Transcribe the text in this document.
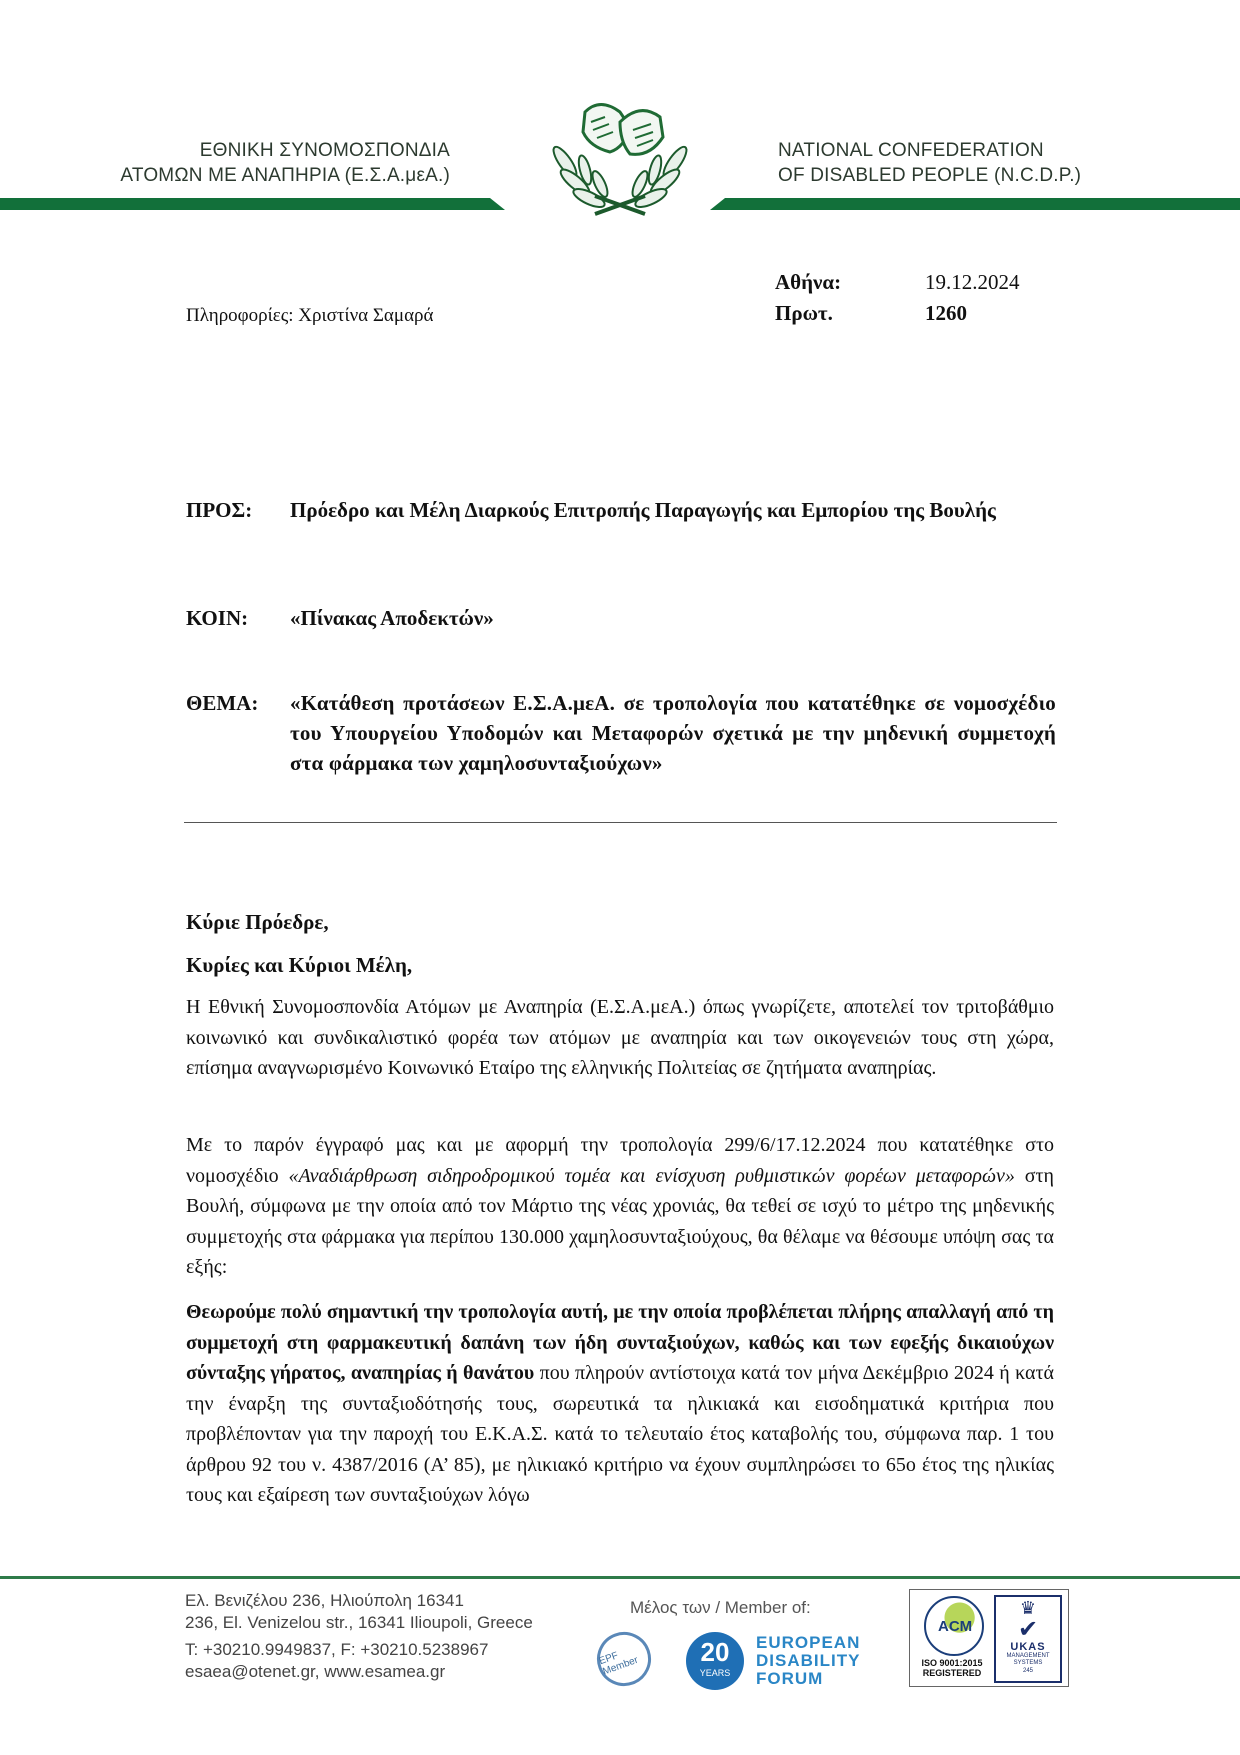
ΕΘΝΙΚΗ ΣΥΝΟΜΟΣΠΟΝΔΙΑ
ΑΤΟΜΩΝ ΜΕ ΑΝΑΠΗΡΙΑ (Ε.Σ.Α.μεΑ.)
NATIONAL CONFEDERATION
OF DISABLED PEOPLE (N.C.D.P.)
Πληροφορίες: Χριστίνα Σαμαρά
Αθήνα:	19.12.2024
Πρωτ.	1260
ΠΡΟΣ:	Πρόεδρο και Μέλη Διαρκούς Επιτροπής Παραγωγής και Εμπορίου της Βουλής
ΚΟΙΝ:	«Πίνακας Αποδεκτών»
ΘΕΜΑ:	«Κατάθεση προτάσεων Ε.Σ.Α.μεΑ. σε τροπολογία που κατατέθηκε σε νομοσχέδιο του Υπουργείου Υποδομών και Μεταφορών σχετικά με την μηδενική συμμετοχή στα φάρμακα των χαμηλοσυνταξιούχων»
Κύριε Πρόεδρε,
Κυρίες και Κύριοι Μέλη,
Η Εθνική Συνομοσπονδία Ατόμων με Αναπηρία (Ε.Σ.Α.μεΑ.) όπως γνωρίζετε, αποτελεί τον τριτοβάθμιο κοινωνικό και συνδικαλιστικό φορέα των ατόμων με αναπηρία και των οικογενειών τους στη χώρα, επίσημα αναγνωρισμένο Κοινωνικό Εταίρο της ελληνικής Πολιτείας σε ζητήματα αναπηρίας.
Με το παρόν έγγραφό μας και με αφορμή την τροπολογία 299/6/17.12.2024 που κατατέθηκε στο νομοσχέδιο «Αναδιάρθρωση σιδηροδρομικού τομέα και ενίσχυση ρυθμιστικών φορέων μεταφορών» στη Βουλή, σύμφωνα με την οποία από τον Μάρτιο της νέας χρονιάς, θα τεθεί σε ισχύ το μέτρο της μηδενικής συμμετοχής στα φάρμακα για περίπου 130.000 χαμηλοσυνταξιούχους, θα θέλαμε να θέσουμε υπόψη σας τα εξής:
Θεωρούμε πολύ σημαντική την τροπολογία αυτή, με την οποία προβλέπεται πλήρης απαλλαγή από τη συμμετοχή στη φαρμακευτική δαπάνη των ήδη συνταξιούχων, καθώς και των εφεξής δικαιούχων σύνταξης γήρατος, αναπηρίας ή θανάτου που πληρούν αντίστοιχα κατά τον μήνα Δεκέμβριο 2024 ή κατά την έναρξη της συνταξιοδότησής τους, σωρευτικά τα ηλικιακά και εισοδηματικά κριτήρια που προβλέπονταν για την παροχή του Ε.Κ.Α.Σ. κατά το τελευταίο έτος καταβολής του, σύμφωνα παρ. 1 του άρθρου 92 του ν. 4387/2016 (Α’ 85), με ηλικιακό κριτήριο να έχουν συμπληρώσει το 65ο έτος της ηλικίας τους και εξαίρεση των συνταξιούχων λόγω
Ελ. Βενιζέλου 236, Ηλιούπολη 16341
236, El. Venizelou str., 16341 Ilioupoli, Greece
T: +30210.9949837, F: +30210.5238967
esaea@otenet.gr, www.esamea.gr
Μέλος των / Member of:
EPF Member	20
YEARS
EUROPEAN
DISABILITY
FORUM
ACM
ISO 9001:2015
REGISTERED
♛
✔
UKAS
MANAGEMENT
SYSTEMS
245
